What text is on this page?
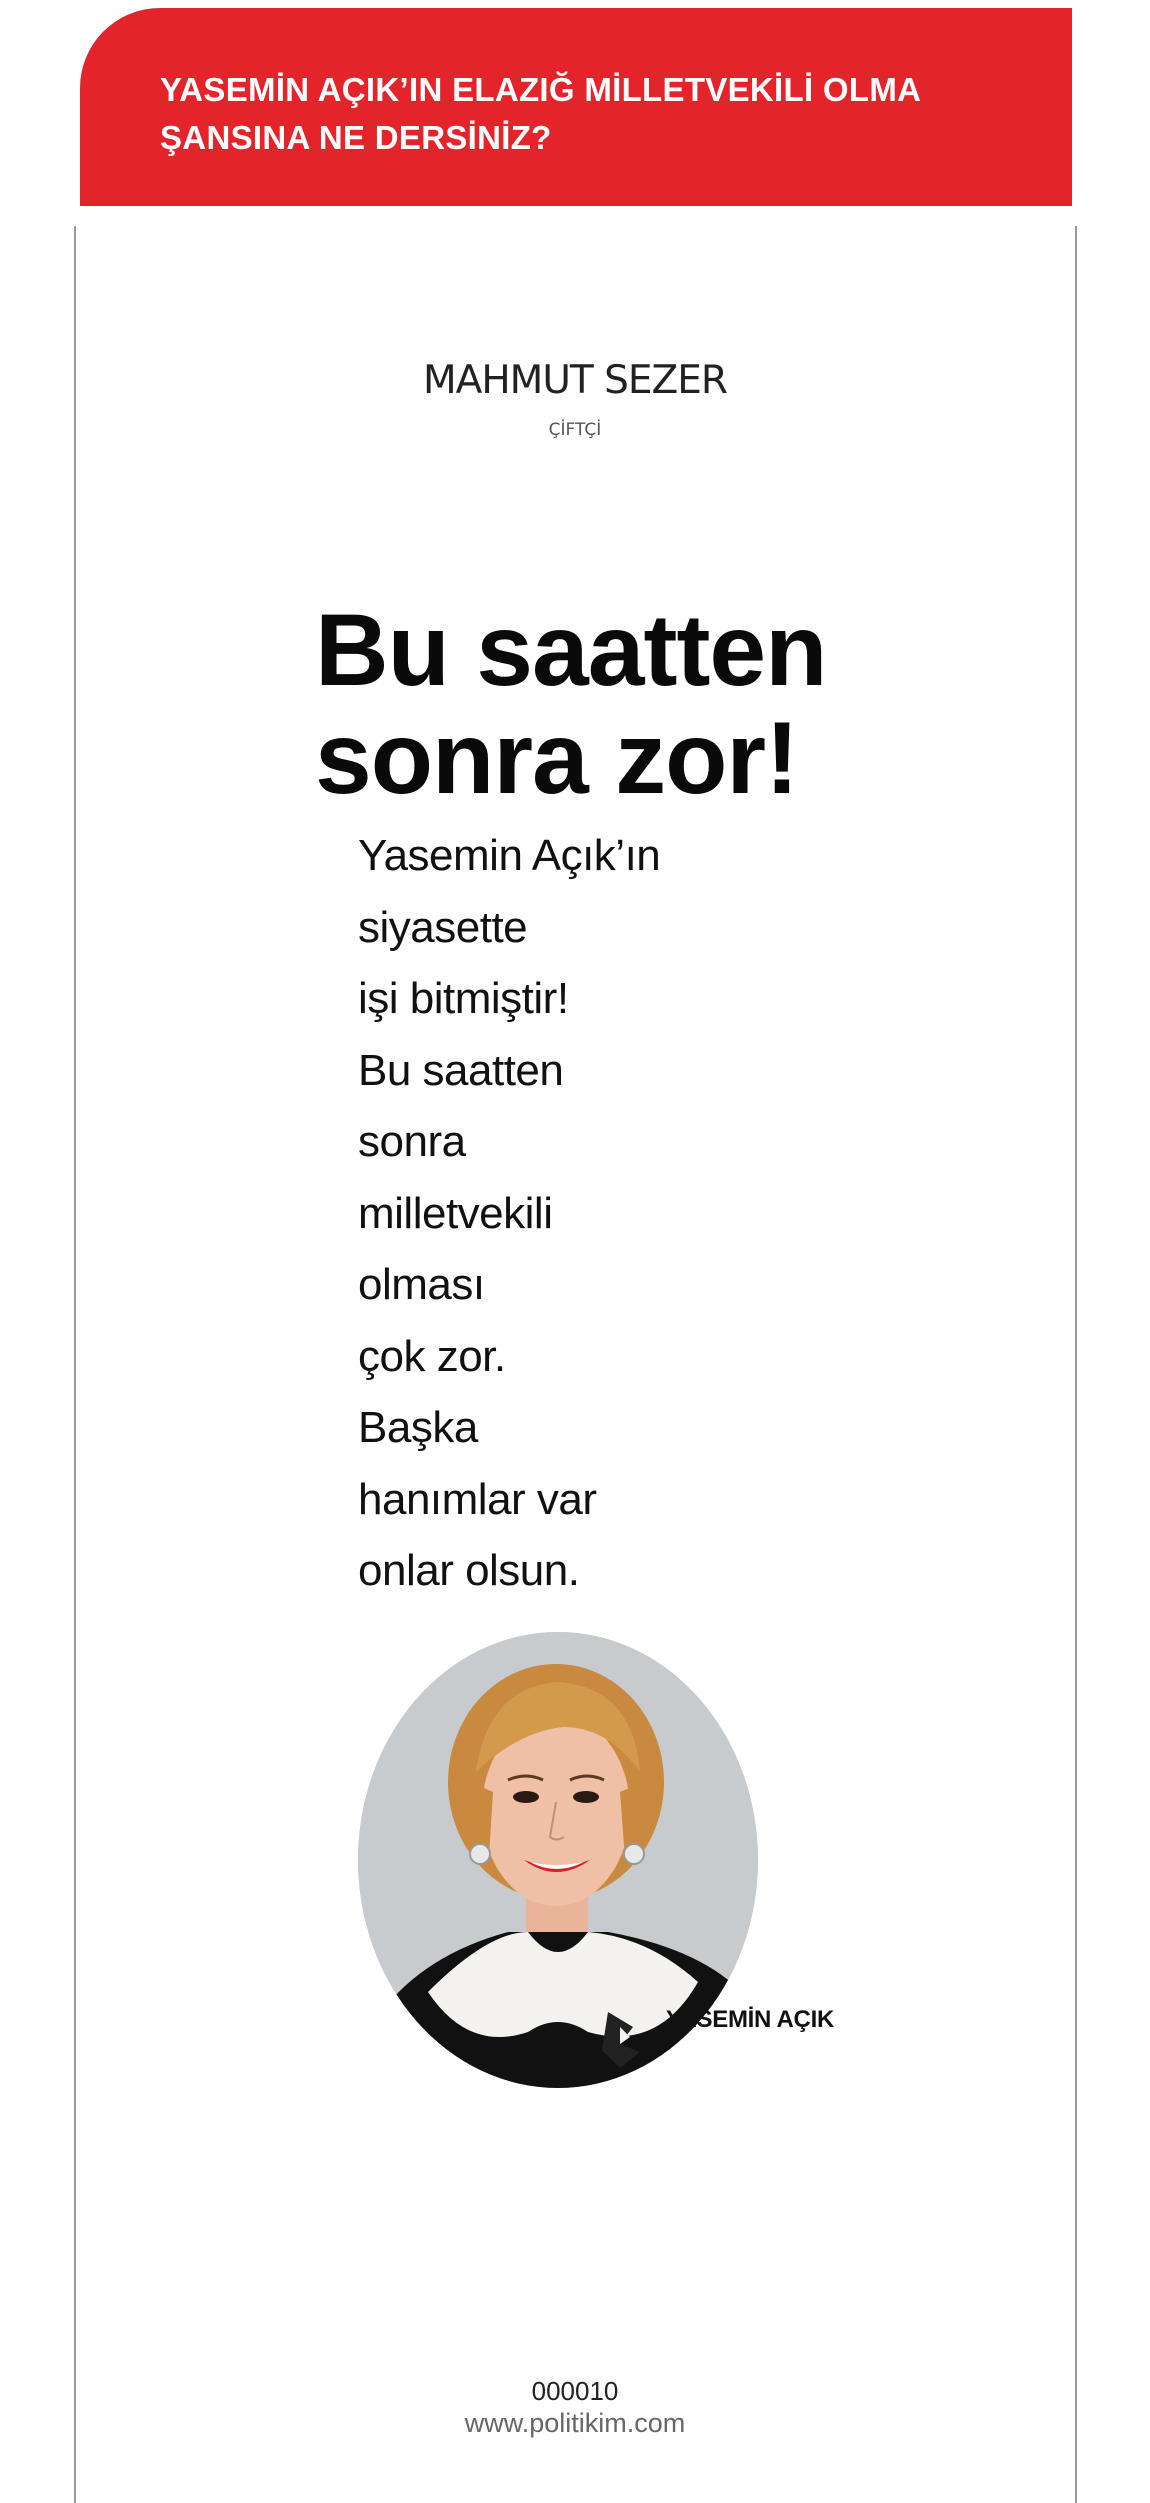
YASEMİN AÇIK’IN ELAZIĞ MİLLETVEKİLİ OLMA
ŞANSINA NE DERSİNİZ?
MAHMUT SEZER
ÇİFTÇİ
Bu saatten
sonra zor!
Yasemin Açık’ın
siyasette
işi bitmiştir!
Bu saatten
sonra
milletvekili
olması
çok zor.
Başka
hanımlar var
onlar olsun.
YASEMİN AÇIK
000010
www.politikim.com
